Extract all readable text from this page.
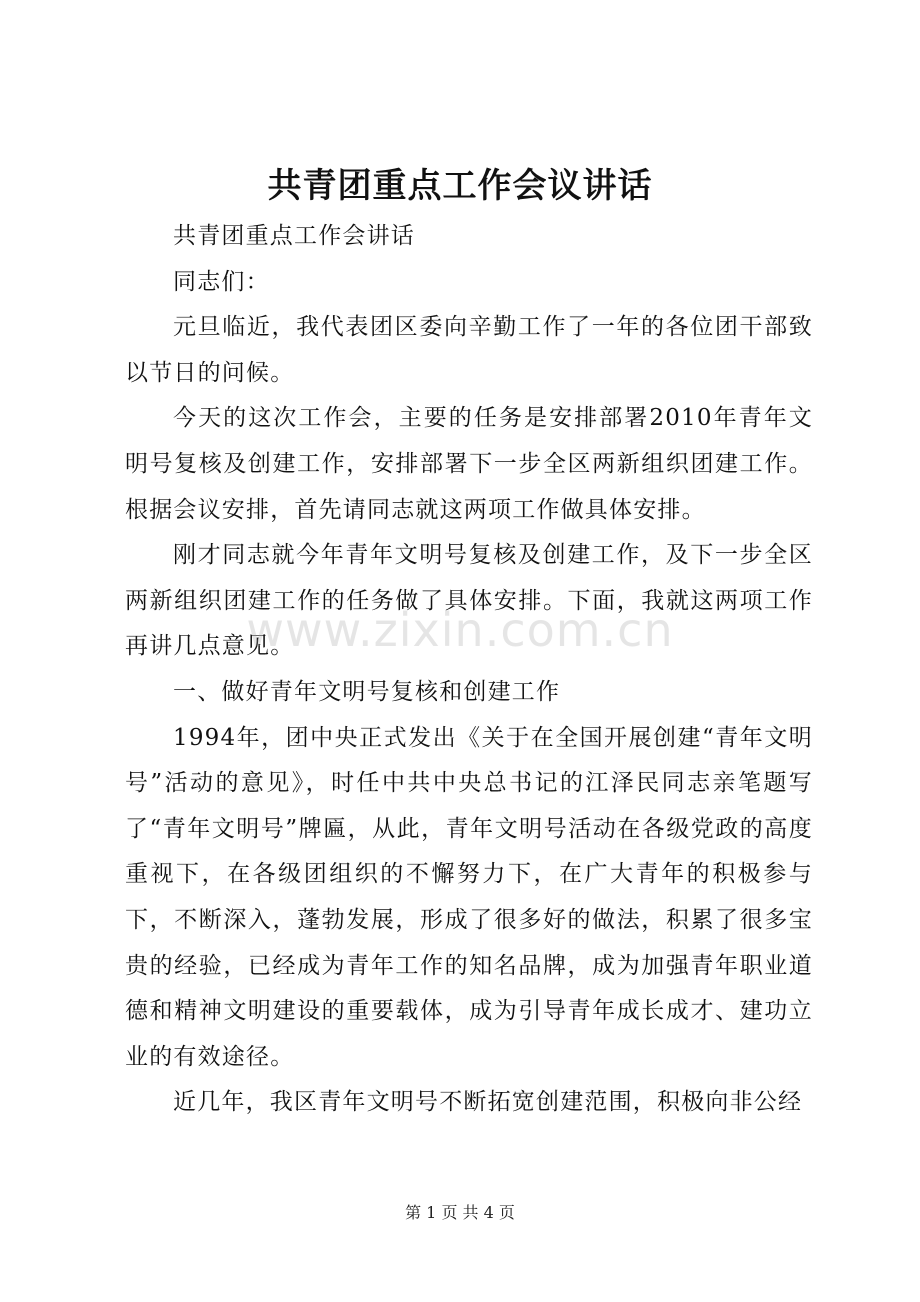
共青团重点工作会议讲话

共青团重点工作会讲话

同志们：

元旦临近，我代表团区委向辛勤工作了一年的各位团干部致以节日的问候。

今天的这次工作会，主要的任务是安排部署2010年青年文明号复核及创建工作，安排部署下一步全区两新组织团建工作。根据会议安排，首先请同志就这两项工作做具体安排。

刚才同志就今年青年文明号复核及创建工作，及下一步全区两新组织团建工作的任务做了具体安排。下面，我就这两项工作再讲几点意见。

一、做好青年文明号复核和创建工作

1994年，团中央正式发出《关于在全国开展创建“青年文明号”活动的意见》，时任中共中央总书记的江泽民同志亲笔题写了“青年文明号”牌匾，从此，青年文明号活动在各级党政的高度重视下，在各级团组织的不懈努力下，在广大青年的积极参与下，不断深入，蓬勃发展，形成了很多好的做法，积累了很多宝贵的经验，已经成为青年工作的知名品牌，成为加强青年职业道德和精神文明建设的重要载体，成为引导青年成长成才、建功立业的有效途径。

近几年，我区青年文明号不断拓宽创建范围，积极向非公经

www.zixin.com.cn
第 1 页 共 4 页
